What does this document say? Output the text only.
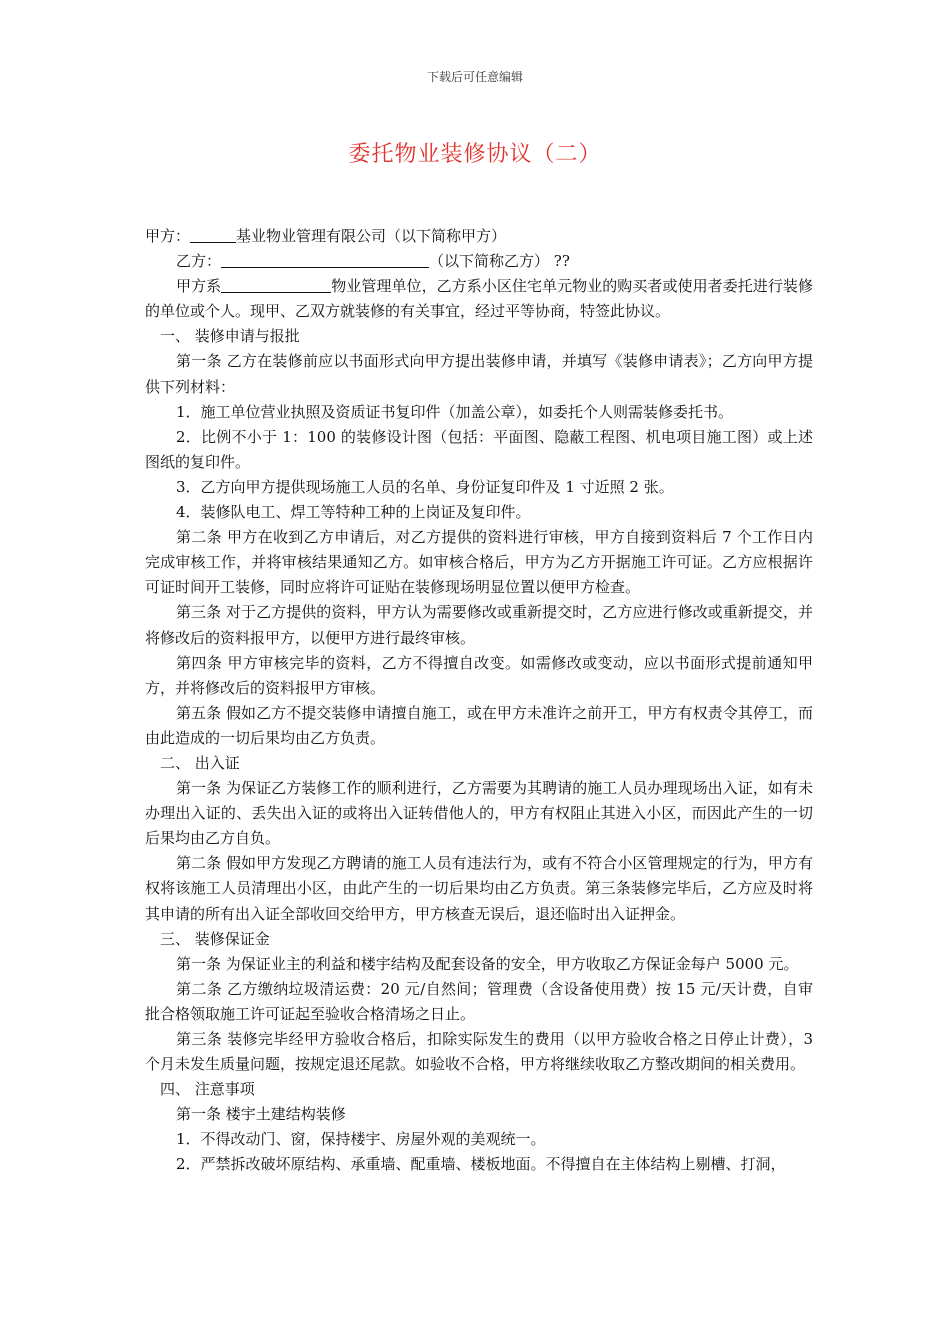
下载后可任意编辑
委托物业装修协议（二）

甲方：	基业物业管理有限公司（以下简称甲方）

乙方：	（以下简称乙方） ??

甲方系	物业管理单位，乙方系小区住宅单元物业的购买者或使用者委托进行装修的单位或个人。现甲、乙双方就装修的有关事宜，经过平等协商，特签此协议。

一、 装修申请与报批

第一条 乙方在装修前应以书面形式向甲方提出装修申请，并填写《装修申请表》；乙方向甲方提供下列材料：

1．施工单位营业执照及资质证书复印件（加盖公章），如委托个人则需装修委托书。

2．比例不小于 1：100 的装修设计图（包括：平面图、隐蔽工程图、机电项目施工图）或上述图纸的复印件。

3．乙方向甲方提供现场施工人员的名单、身份证复印件及 1 寸近照 2 张。

4．装修队电工、焊工等特种工种的上岗证及复印件。

第二条 甲方在收到乙方申请后，对乙方提供的资料进行审核，甲方自接到资料后 7 个工作日内完成审核工作，并将审核结果通知乙方。如审核合格后，甲方为乙方开据施工许可证。乙方应根据许可证时间开工装修，同时应将许可证贴在装修现场明显位置以便甲方检查。

第三条 对于乙方提供的资料，甲方认为需要修改或重新提交时，乙方应进行修改或重新提交，并将修改后的资料报甲方，以便甲方进行最终审核。

第四条 甲方审核完毕的资料，乙方不得擅自改变。如需修改或变动，应以书面形式提前通知甲方，并将修改后的资料报甲方审核。

第五条 假如乙方不提交装修申请擅自施工，或在甲方未准许之前开工，甲方有权责令其停工，而由此造成的一切后果均由乙方负责。

二、 出入证

第一条 为保证乙方装修工作的顺利进行，乙方需要为其聘请的施工人员办理现场出入证，如有未办理出入证的、丢失出入证的或将出入证转借他人的，甲方有权阻止其进入小区，而因此产生的一切后果均由乙方自负。

第二条 假如甲方发现乙方聘请的施工人员有违法行为，或有不符合小区管理规定的行为，甲方有权将该施工人员清理出小区，由此产生的一切后果均由乙方负责。第三条装修完毕后，乙方应及时将其申请的所有出入证全部收回交给甲方，甲方核查无误后，退还临时出入证押金。

三、 装修保证金

第一条 为保证业主的利益和楼宇结构及配套设备的安全，甲方收取乙方保证金每户 5000 元。

第二条 乙方缴纳垃圾清运费：20 元/自然间；管理费（含设备使用费）按 15 元/天计费，自审批合格领取施工许可证起至验收合格清场之日止。

第三条 装修完毕经甲方验收合格后，扣除实际发生的费用（以甲方验收合格之日停止计费），3 个月未发生质量问题，按规定退还尾款。如验收不合格，甲方将继续收取乙方整改期间的相关费用。

四、 注意事项

第一条 楼宇土建结构装修

1．不得改动门、窗，保持楼宇、房屋外观的美观统一。

2．严禁拆改破坏原结构、承重墙、配重墙、楼板地面。不得擅自在主体结构上剔槽、打洞，
